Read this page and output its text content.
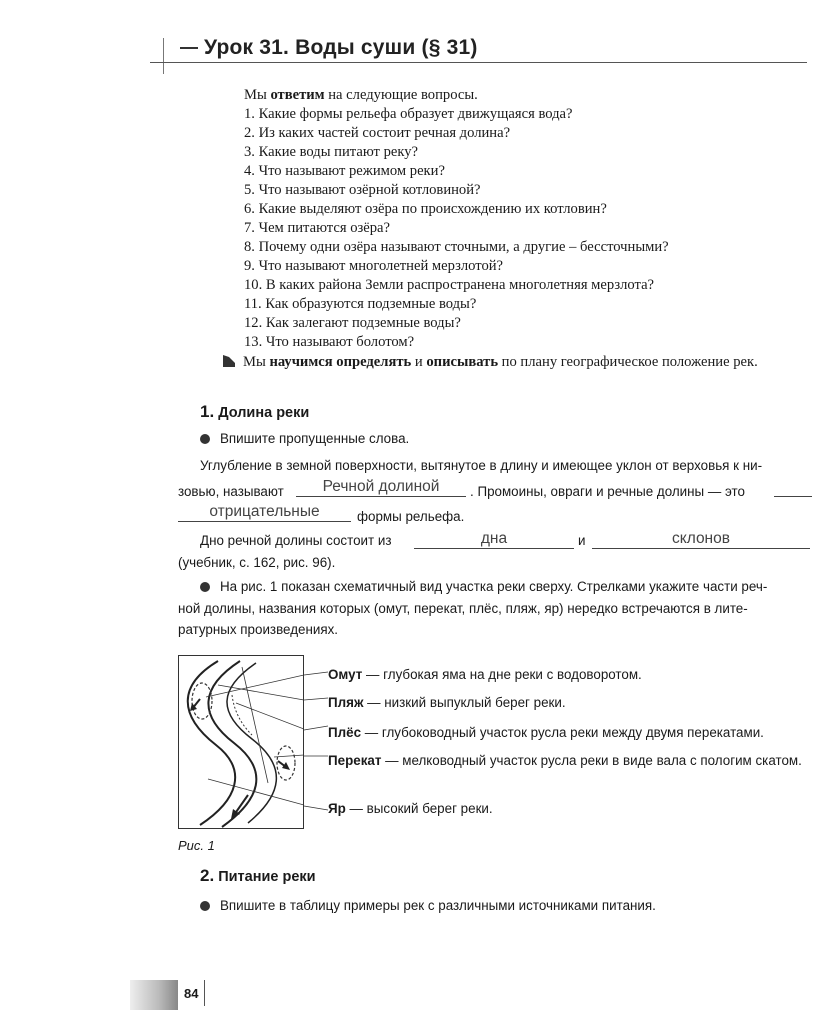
Урок 31. Воды суши (§ 31)
Мы ответим на следующие вопросы.
1. Какие формы рельефа образует движущаяся вода?
2. Из каких частей состоит речная долина?
3. Какие воды питают реку?
4. Что называют режимом реки?
5. Что называют озёрной котловиной?
6. Какие выделяют озёра по происхождению их котловин?
7. Чем питаются озёра?
8. Почему одни озёра называют сточными, а другие – бессточными?
9. Что называют многолетней мерзлотой?
10. В каких района Земли распространена многолетняя мерзлота?
11. Как образуются подземные воды?
12. Как залегают подземные воды?
13. Что называют болотом?
Мы научимся определять и описывать по плану географическое положение рек.
1. Долина реки
Впишите пропущенные слова.
Углубление в земной поверхности, вытянутое в длину и имеющее уклон от верховья к ни-
зовью, называют	Речной долиной	. Промоины, овраги и речные долины — это
отрицательные	формы рельефа.
Дно речной долины состоит из	дна	и	склонов
(учебник, с. 162, рис. 96).
На рис. 1 показан схематичный вид участка реки сверху. Стрелками укажите части реч-
ной долины, названия которых (омут, перекат, плёс, пляж, яр) нередко встречаются в лите-
ратурных произведениях.
Рис. 1
Омут — глубокая яма на дне реки с водоворотом.
Пляж — низкий выпуклый берег реки.
Плёс — глубоководный участок русла реки между двумя перекатами.
Перекат — мелководный участок русла реки в виде вала с пологим скатом.
Яр — высокий берег реки.
2. Питание реки
Впишите в таблицу примеры рек с различными источниками питания.
84
